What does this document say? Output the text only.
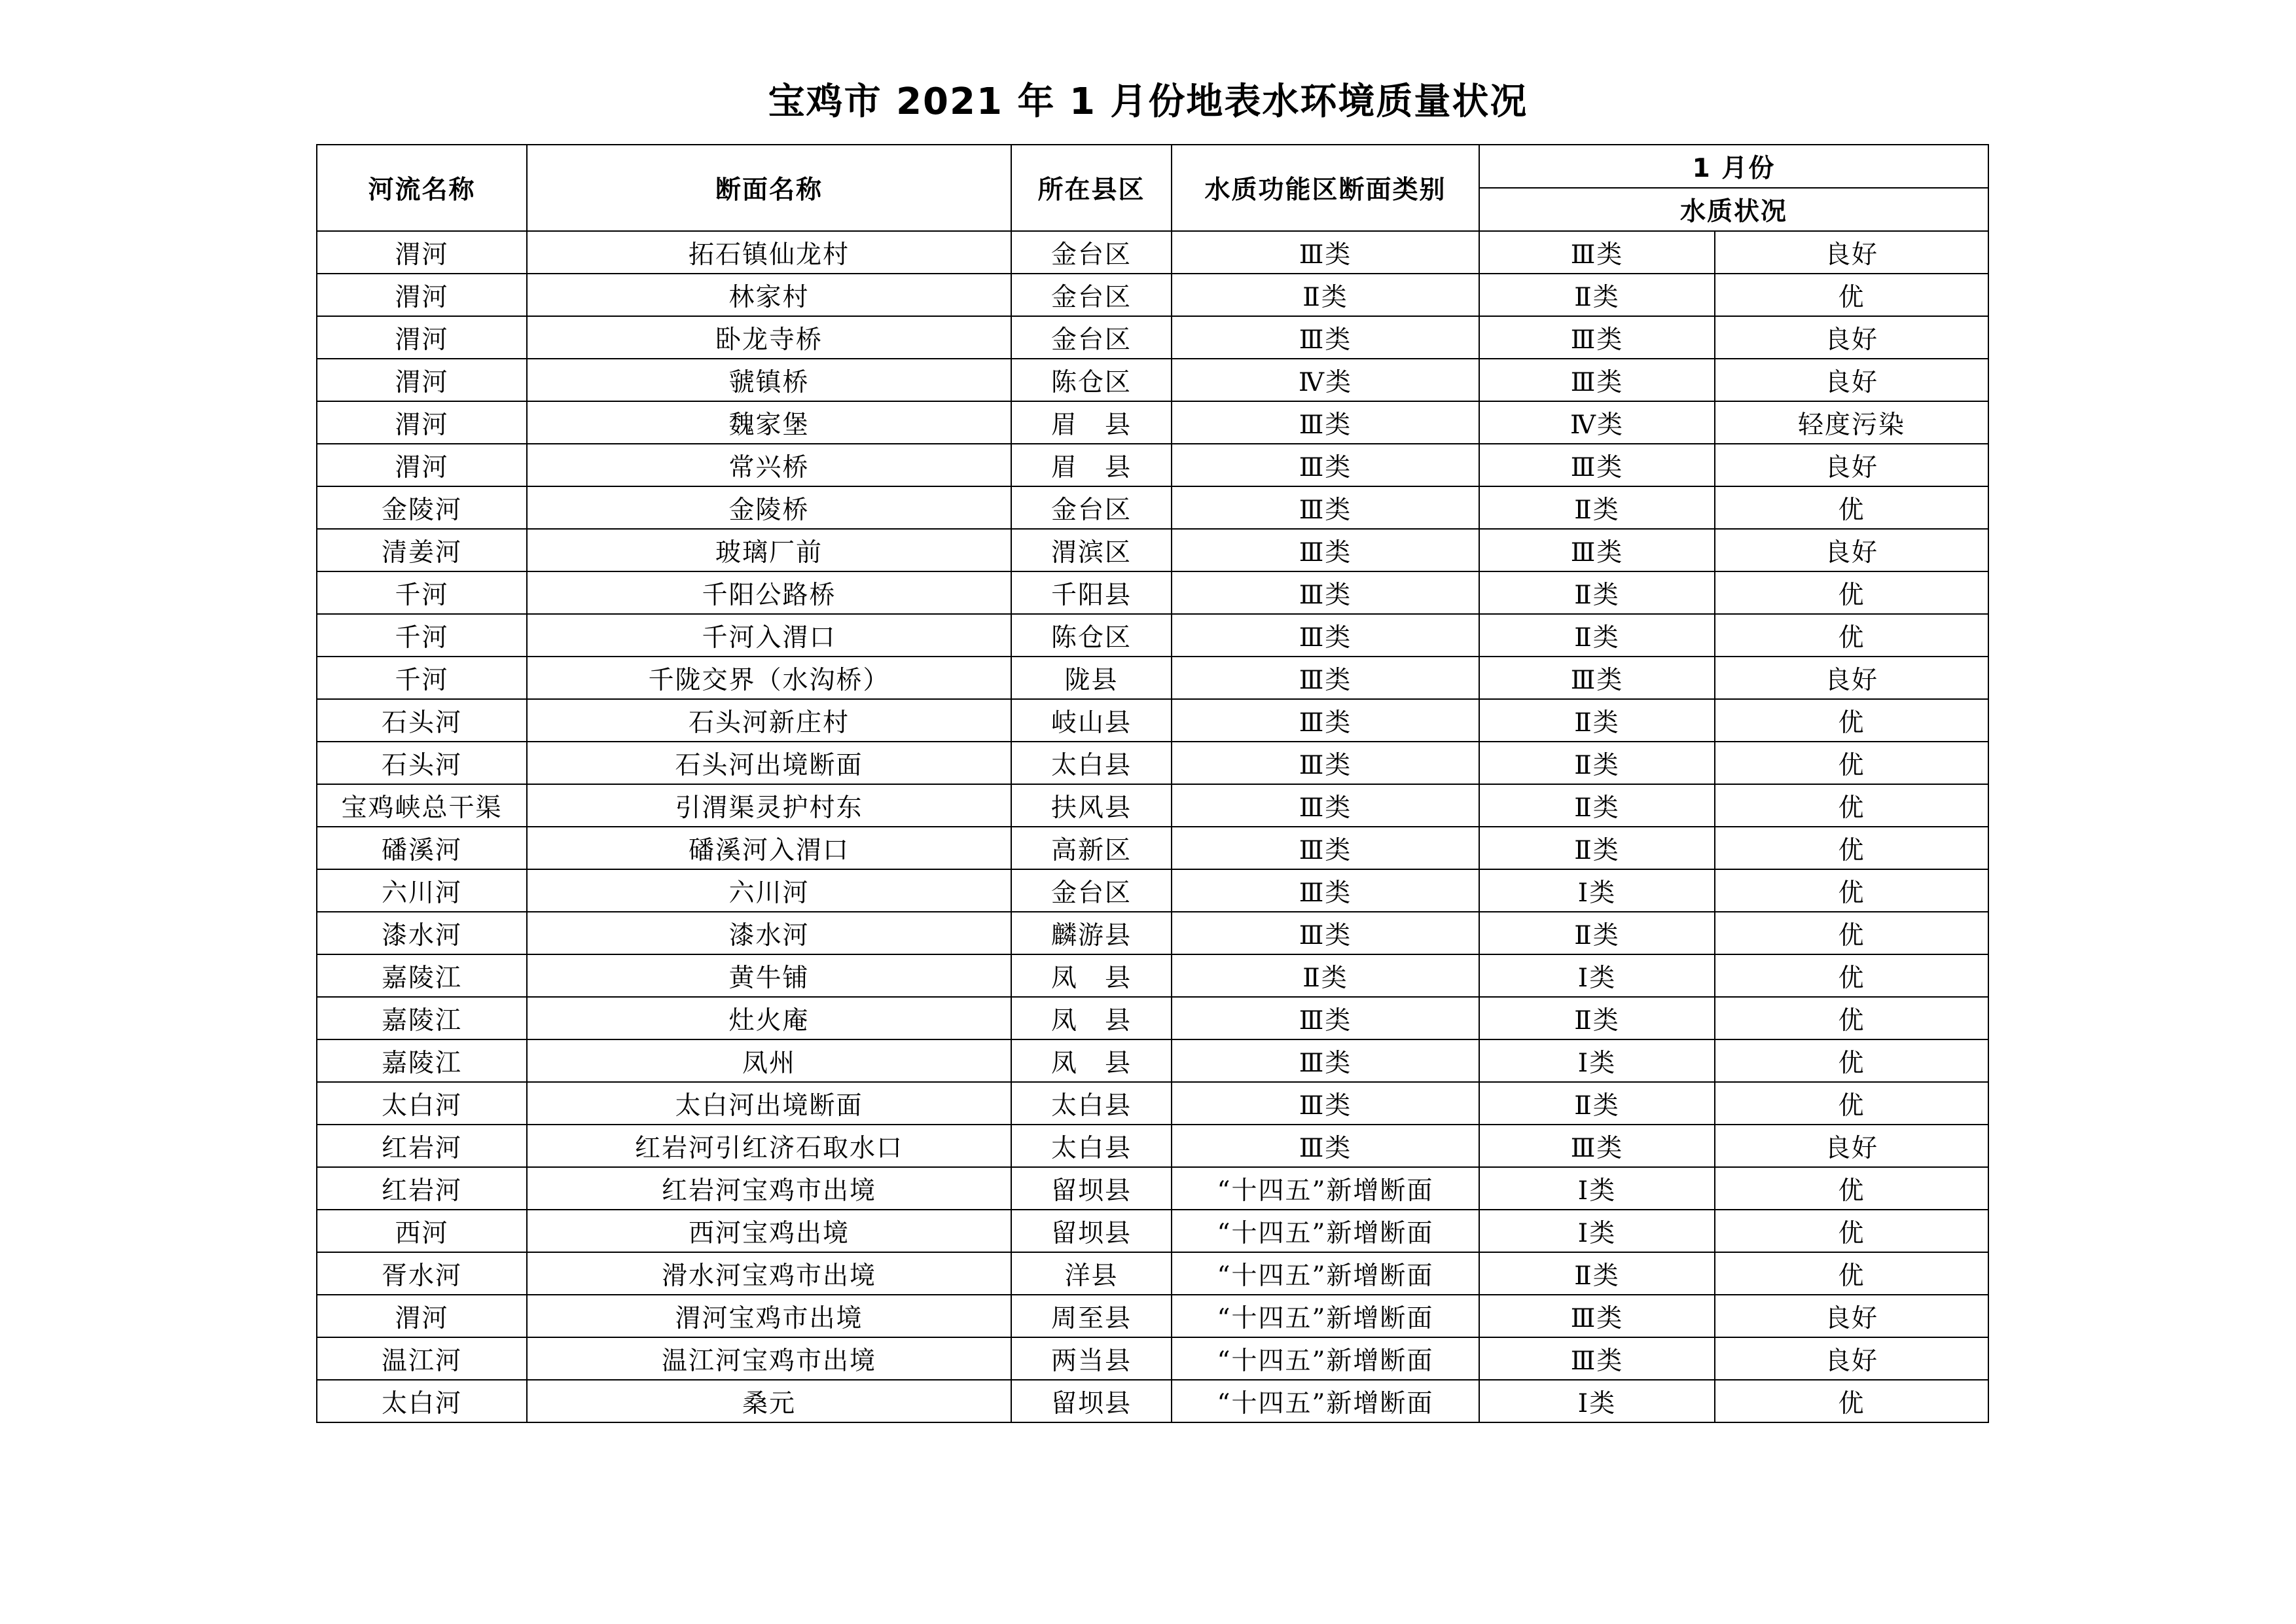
宝鸡市 2021 年 1 月份地表水环境质量状况
河流名称	断面名称	所在县区	水质功能区断面类别	1 月份	
				水质状况	
渭河	拓石镇仙龙村	金台区	Ⅲ类	Ⅲ类	良好
渭河	林家村	金台区	Ⅱ类	Ⅱ类	优
渭河	卧龙寺桥	金台区	Ⅲ类	Ⅲ类	良好
渭河	虢镇桥	陈仓区	Ⅳ类	Ⅲ类	良好
渭河	魏家堡	眉　县	Ⅲ类	Ⅳ类	轻度污染
渭河	常兴桥	眉　县	Ⅲ类	Ⅲ类	良好
金陵河	金陵桥	金台区	Ⅲ类	Ⅱ类	优
清姜河	玻璃厂前	渭滨区	Ⅲ类	Ⅲ类	良好
千河	千阳公路桥	千阳县	Ⅲ类	Ⅱ类	优
千河	千河入渭口	陈仓区	Ⅲ类	Ⅱ类	优
千河	千陇交界（水沟桥）	陇县	Ⅲ类	Ⅲ类	良好
石头河	石头河新庄村	岐山县	Ⅲ类	Ⅱ类	优
石头河	石头河出境断面	太白县	Ⅲ类	Ⅱ类	优
宝鸡峡总干渠	引渭渠灵护村东	扶风县	Ⅲ类	Ⅱ类	优
磻溪河	磻溪河入渭口	高新区	Ⅲ类	Ⅱ类	优
六川河	六川河	金台区	Ⅲ类	Ⅰ类	优
漆水河	漆水河	麟游县	Ⅲ类	Ⅱ类	优
嘉陵江	黄牛铺	凤　县	Ⅱ类	Ⅰ类	优
嘉陵江	灶火庵	凤　县	Ⅲ类	Ⅱ类	优
嘉陵江	凤州	凤　县	Ⅲ类	Ⅰ类	优
太白河	太白河出境断面	太白县	Ⅲ类	Ⅱ类	优
红岩河	红岩河引红济石取水口	太白县	Ⅲ类	Ⅲ类	良好
红岩河	红岩河宝鸡市出境	留坝县	“十四五”新增断面	Ⅰ类	优
西河	西河宝鸡出境	留坝县	“十四五”新增断面	Ⅰ类	优
胥水河	滑水河宝鸡市出境	洋县	“十四五”新增断面	Ⅱ类	优
渭河	渭河宝鸡市出境	周至县	“十四五”新增断面	Ⅲ类	良好
温江河	温江河宝鸡市出境	两当县	“十四五”新增断面	Ⅲ类	良好
太白河	桑元	留坝县	“十四五”新增断面	Ⅰ类	优
